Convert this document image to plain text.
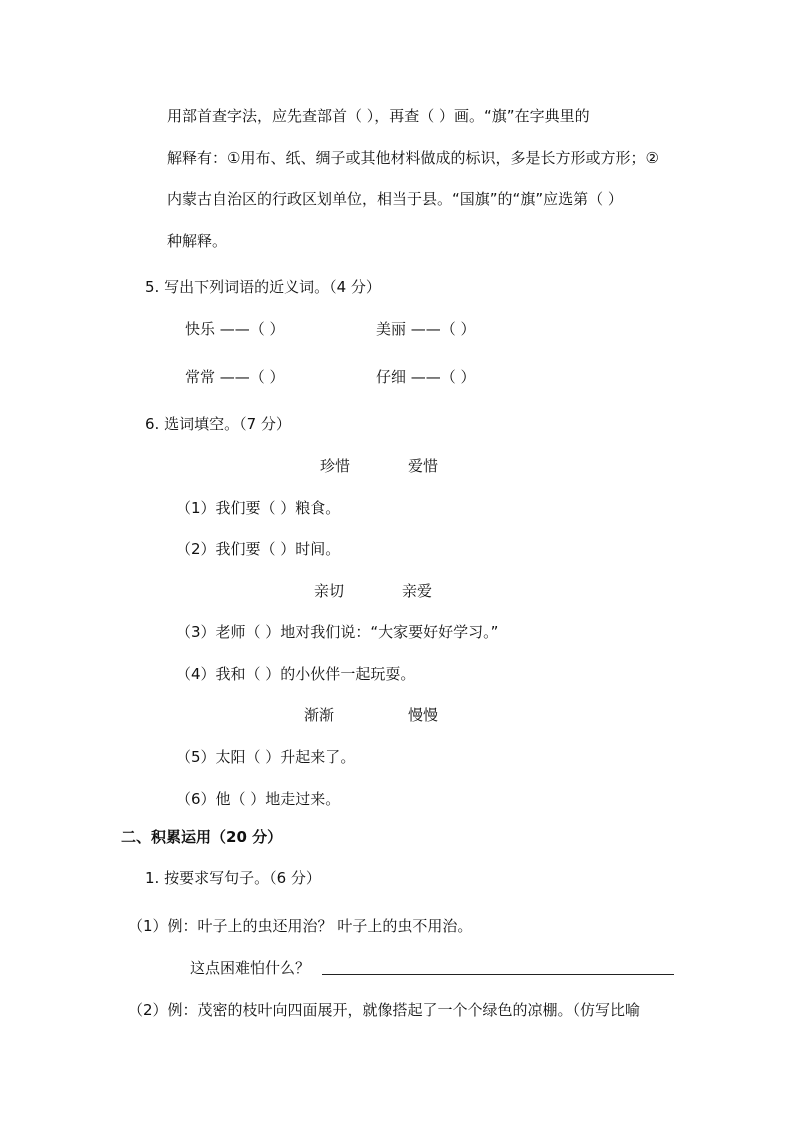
用部首查字法，应先查部首（ ），再查（ ）画。“旗”在字典里的
解释有：①用布、纸、绸子或其他材料做成的标识，多是长方形或方形；②
内蒙古自治区的行政区划单位，相当于县。“国旗”的“旗”应选第（ ）
种解释。
5. 写出下列词语的近义词。（4 分）
快乐 ——（ ）	美丽 ——（ ）
常常 ——（ ）	仔细 ——（ ）
6. 选词填空。（7 分）
珍惜	爱惜
（1）我们要（ ）粮食。
（2）我们要（ ）时间。
亲切	亲爱
（3）老师（ ）地对我们说：“大家要好好学习。”
（4）我和（ ）的小伙伴一起玩耍。
渐渐	慢慢
（5）太阳（ ）升起来了。
（6）他（ ）地走过来。
二、积累运用（20 分）
1. 按要求写句子。（6 分）
（1）例：叶子上的虫还用治？ 叶子上的虫不用治。
这点困难怕什么？
（2）例：茂密的枝叶向四面展开，就像搭起了一个个绿色的凉棚。（仿写比喻
